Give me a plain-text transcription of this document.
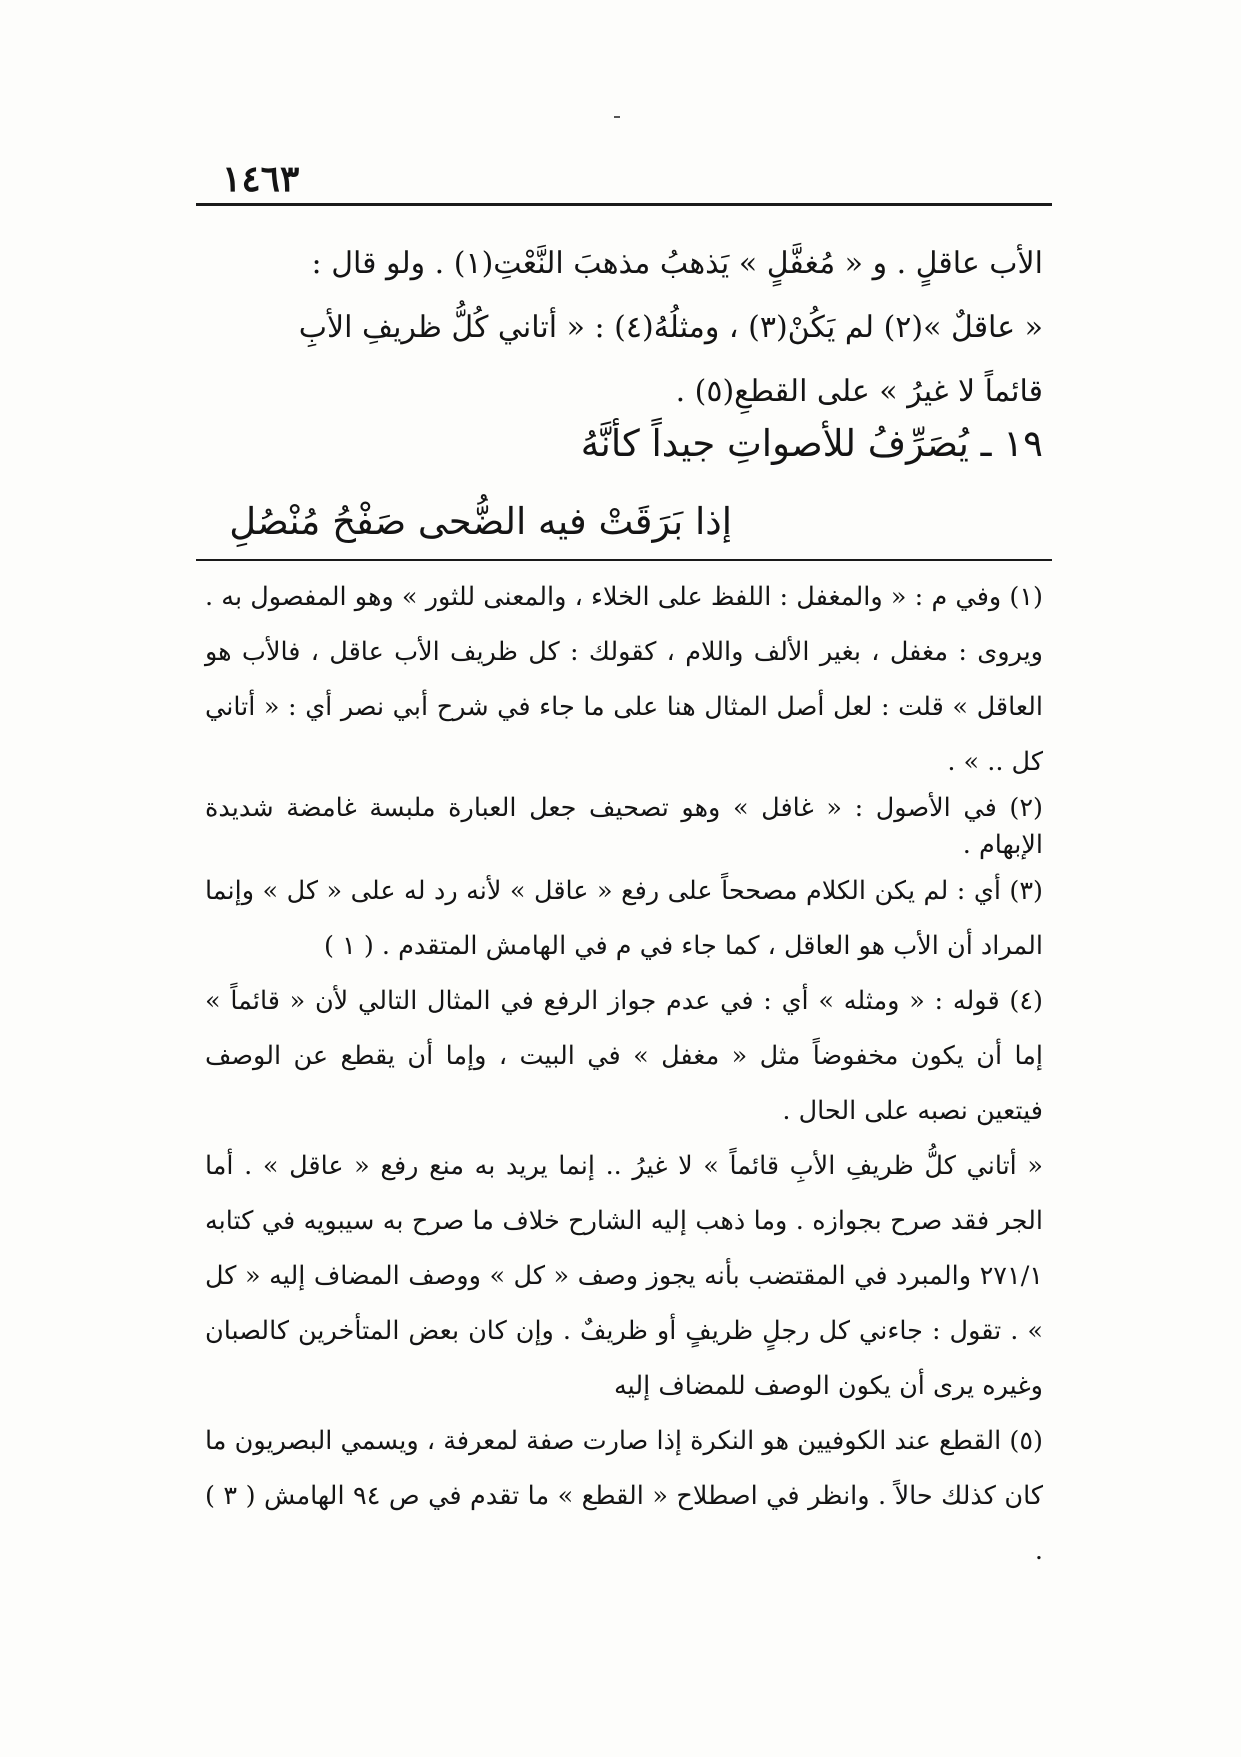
١٤٦٣

الأب عاقلٍ . و « مُغفَّلٍ » يَذهبُ مذهبَ النَّعْتِ(١) . ولو قال :

« عاقلٌ »(٢) لم يَكُنْ(٣) ، ومثلُهُ(٤) : « أتاني كُلُّ ظريفِ الأبِ

قائماً لا غيرُ » على القطعِ(٥) .

١٩ ـ يُصَرِّفُ للأصواتِ جيداً كأنَّهُ
إذا بَرَقَتْ فيه الضُّحى صَفْحُ مُنْصُلِ

(١) وفي م : « والمغفل : اللفظ على الخلاء ، والمعنى للثور » وهو المفصول به . ويروى : مغفل ، بغير الألف واللام ، كقولك : كل ظريف الأب عاقل ، فالأب هو العاقل » قلت : لعل أصل المثال هنا على ما جاء في شرح أبي نصر أي : « أتاني كل .. » .

(٢) في الأصول : « غافل » وهو تصحيف جعل العبارة ملبسة غامضة شديدة الإبهام .

(٣) أي : لم يكن الكلام مصححاً على رفع « عاقل » لأنه رد له على « كل » وإنما المراد أن الأب هو العاقل ، كما جاء في م في الهامش المتقدم . ( ١ )

(٤) قوله : « ومثله » أي : في عدم جواز الرفع في المثال التالي لأن « قائماً » إما أن يكون مخفوضاً مثل « مغفل » في البيت ، وإما أن يقطع عن الوصف فيتعين نصبه على الحال .

« أتاني كلُّ ظريفِ الأبِ قائماً » لا غيرُ .. إنما يريد به منع رفع « عاقل » . أما الجر فقد صرح بجوازه . وما ذهب إليه الشارح خلاف ما صرح به سيبويه في كتابه ٢٧١/١ والمبرد في المقتضب بأنه يجوز وصف « كل » ووصف المضاف إليه « كل » . تقول : جاءني كل رجلٍ ظريفٍ أو ظريفٌ . وإن كان بعض المتأخرين كالصبان وغيره يرى أن يكون الوصف للمضاف إليه

(٥) القطع عند الكوفيين هو النكرة إذا صارت صفة لمعرفة ، ويسمي البصريون ما كان كذلك حالاً . وانظر في اصطلاح « القطع » ما تقدم في ص ٩٤ الهامش ( ٣ ) .
